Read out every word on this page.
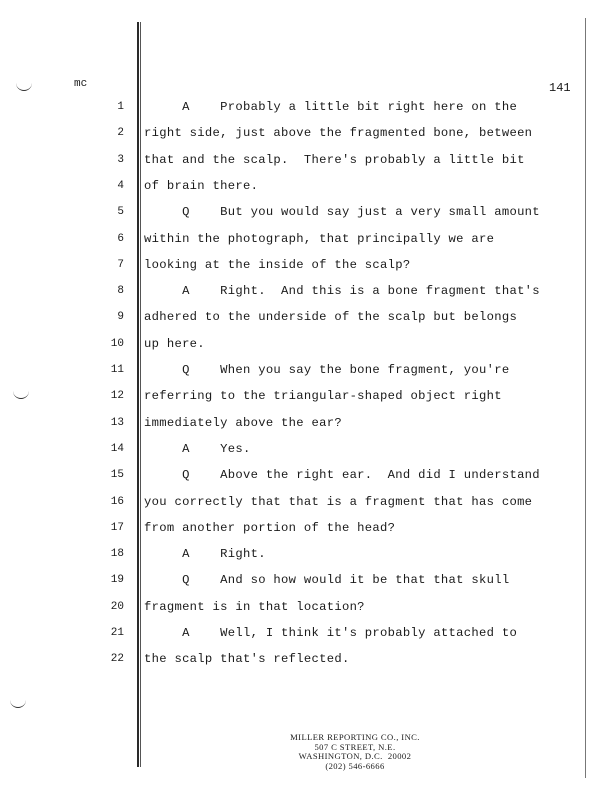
mc	141
1
2
3
4
5
6
7
8
9
10
11
12
13
14
15
16
17
18
19
20
21
22
A    Probably a little bit right here on the
right side, just above the fragmented bone, between
that and the scalp.  There's probably a little bit
of brain there.
Q    But you would say just a very small amount
within the photograph, that principally we are
looking at the inside of the scalp?
A    Right.  And this is a bone fragment that's
adhered to the underside of the scalp but belongs
up here.
Q    When you say the bone fragment, you're
referring to the triangular-shaped object right
immediately above the ear?
A    Yes.
Q    Above the right ear.  And did I understand
you correctly that that is a fragment that has come
from another portion of the head?
A    Right.
Q    And so how would it be that that skull
fragment is in that location?
A    Well, I think it's probably attached to
the scalp that's reflected.
MILLER REPORTING CO., INC.
507 C STREET, N.E.
WASHINGTON, D.C.  20002
(202) 546-6666
